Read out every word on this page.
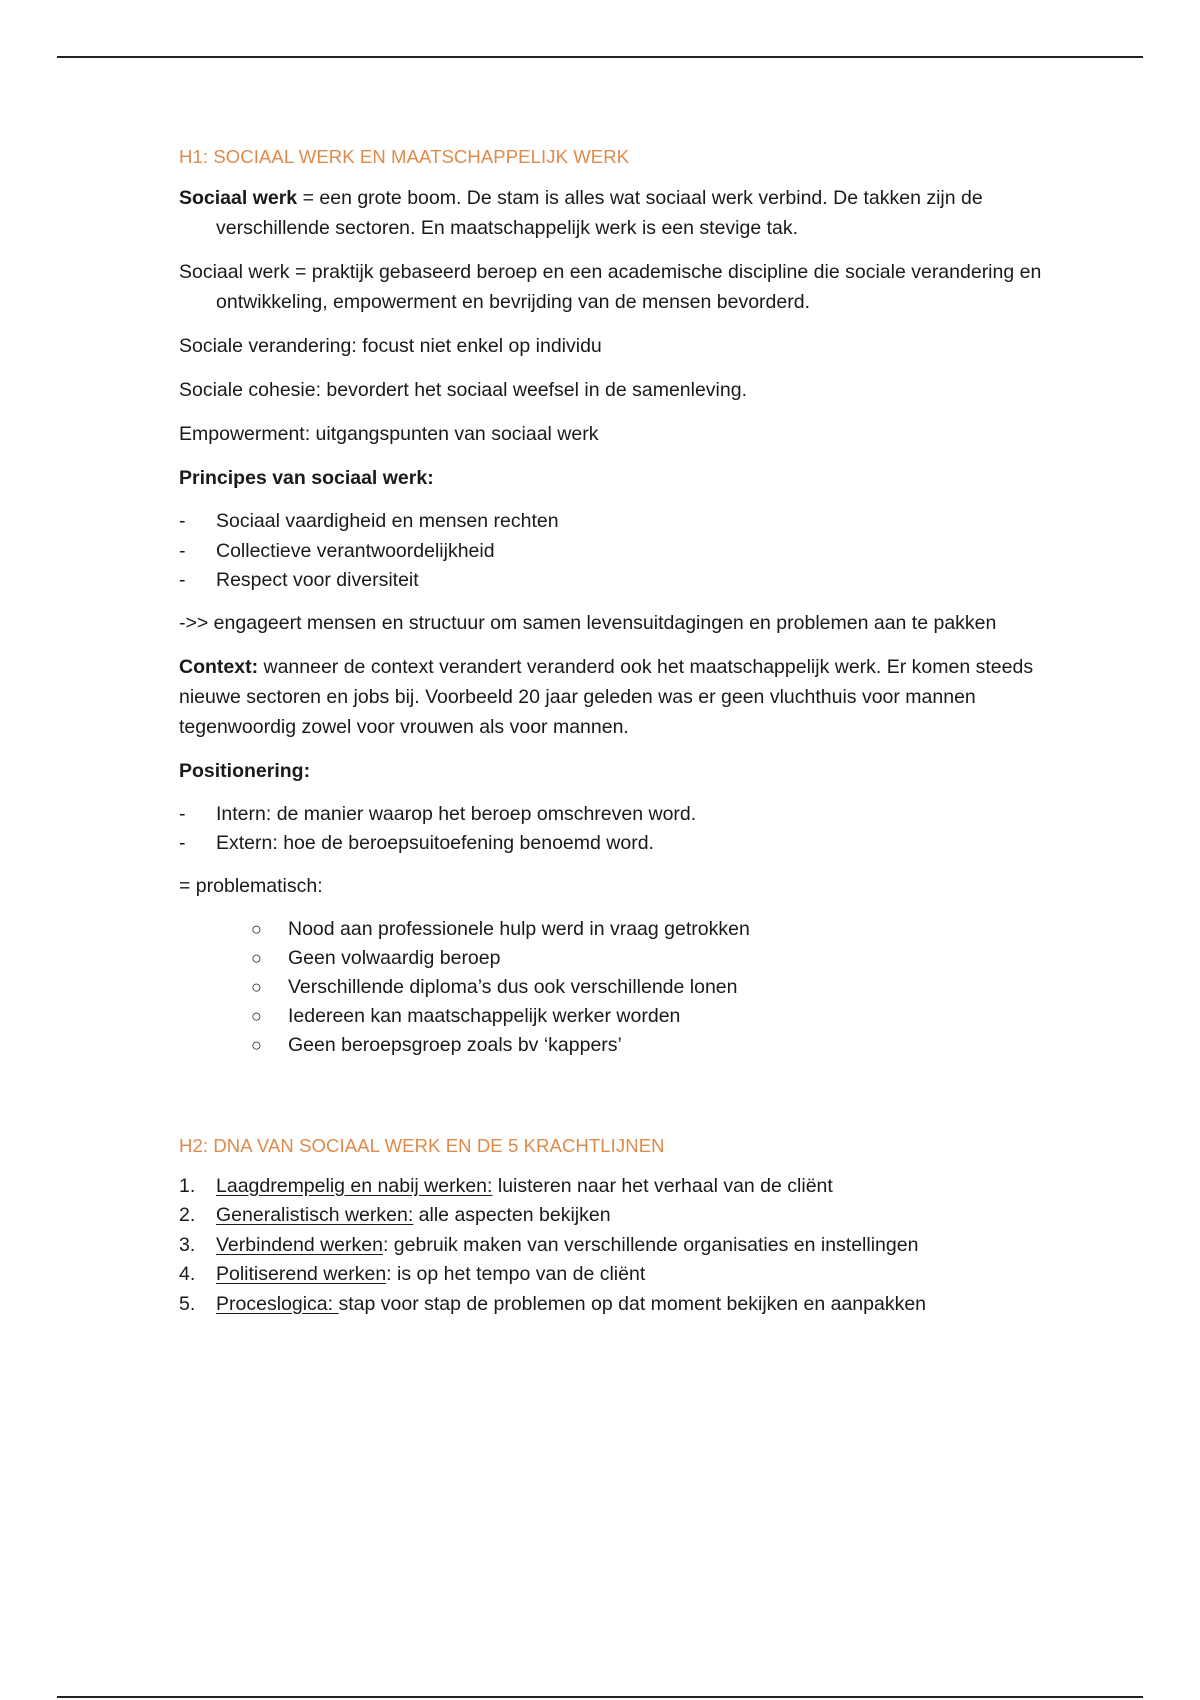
H1: SOCIAAL WERK EN MAATSCHAPPELIJK WERK

Sociaal werk = een grote boom. De stam is alles wat sociaal werk verbind. De takken zijn de verschillende sectoren. En maatschappelijk werk is een stevige tak.

Sociaal werk = praktijk gebaseerd beroep en een academische discipline die sociale verandering en ontwikkeling, empowerment en bevrijding van de mensen bevorderd.

Sociale verandering: focust niet enkel op individu

Sociale cohesie: bevordert het sociaal weefsel in de samenleving.

Empowerment: uitgangspunten van sociaal werk

Principes van sociaal werk:

- Sociaal vaardigheid en mensen rechten
- Collectieve verantwoordelijkheid
- Respect voor diversiteit

->> engageert mensen en structuur om samen levensuitdagingen en problemen aan te pakken

Context: wanneer de context verandert veranderd ook het maatschappelijk werk. Er komen steeds nieuwe sectoren en jobs bij. Voorbeeld 20 jaar geleden was er geen vluchthuis voor mannen tegenwoordig zowel voor vrouwen als voor mannen.

Positionering:

- Intern: de manier waarop het beroep omschreven word.
- Extern: hoe de beroepsuitoefening benoemd word.

= problematisch:

○ Nood aan professionele hulp werd in vraag getrokken
○ Geen volwaardig beroep
○ Verschillende diploma’s dus ook verschillende lonen
○ Iedereen kan maatschappelijk werker worden
○ Geen beroepsgroep zoals bv ‘kappers’
H2: DNA VAN SOCIAAL WERK EN DE 5 KRACHTLIJNEN
1. Laagdrempelig en nabij werken: luisteren naar het verhaal van de cliënt
2. Generalistisch werken: alle aspecten bekijken
3. Verbindend werken: gebruik maken van verschillende organisaties en instellingen
4. Politiserend werken: is op het tempo van de cliënt
5. Proceslogica: stap voor stap de problemen op dat moment bekijken en aanpakken
